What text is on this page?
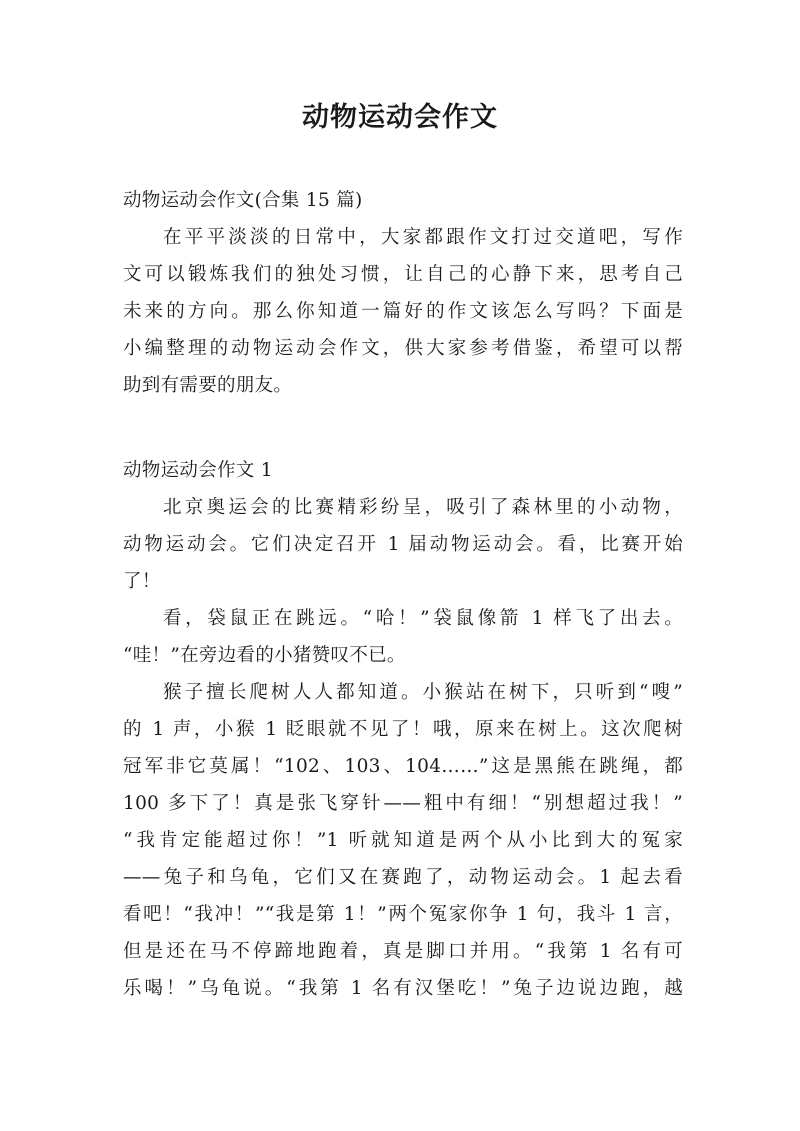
动物运动会作文
动物运动会作文(合集 15 篇)
在平平淡淡的日常中，大家都跟作文打过交道吧，写作
文可以锻炼我们的独处习惯，让自己的心静下来，思考自己
未来的方向。那么你知道一篇好的作文该怎么写吗？下面是
小编整理的动物运动会作文，供大家参考借鉴，希望可以帮
助到有需要的朋友。
动物运动会作文 1
北京奥运会的比赛精彩纷呈，吸引了森林里的小动物，
动物运动会。它们决定召开 1 届动物运动会。看，比赛开始
了！
看，袋鼠正在跳远。“哈！”袋鼠像箭 1 样飞了出去。
“哇！”在旁边看的小猪赞叹不已。
猴子擅长爬树人人都知道。小猴站在树下，只听到“嗖”
的 1 声，小猴 1 眨眼就不见了！哦，原来在树上。这次爬树
冠军非它莫属！“102、103、104……”这是黑熊在跳绳，都
100 多下了！真是张飞穿针——粗中有细！“别想超过我！”
“我肯定能超过你！”1 听就知道是两个从小比到大的冤家
——兔子和乌龟，它们又在赛跑了，动物运动会。1 起去看
看吧！“我冲！”“我是第 1！”两个冤家你争 1 句，我斗 1 言，
但是还在马不停蹄地跑着，真是脚口并用。“我第 1 名有可
乐喝！”乌龟说。“我第 1 名有汉堡吃！”兔子边说边跑，越
